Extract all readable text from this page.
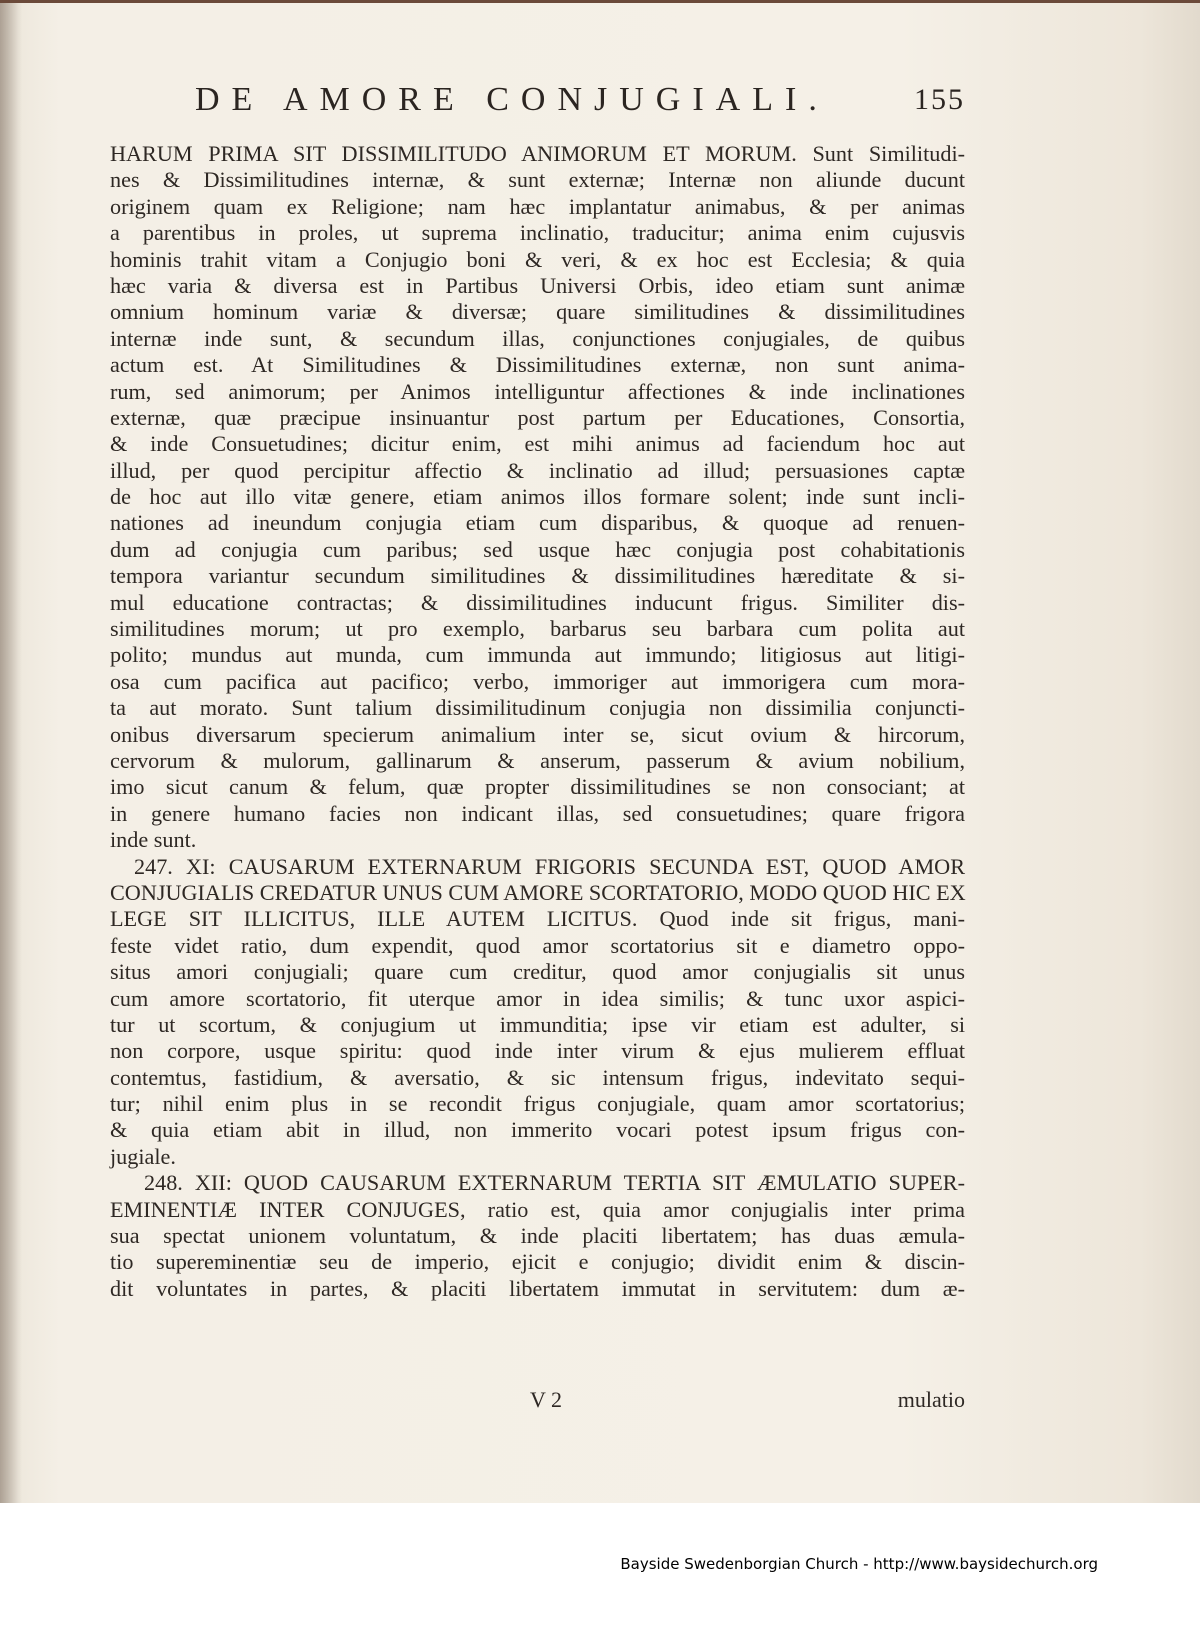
DE AMORE CONJUGIALI.	155
HARUM PRIMA SIT DISSIMILITUDO ANIMORUM ET MORUM. Sunt Similitudi-
nes & Dissimilitudines internæ, & sunt externæ; Internæ non aliunde ducunt
originem quam ex Religione; nam hæc implantatur animabus, & per animas
a parentibus in proles, ut suprema inclinatio, traducitur; anima enim cujusvis
hominis trahit vitam a Conjugio boni & veri, & ex hoc est Ecclesia; & quia
hæc varia & diversa est in Partibus Universi Orbis, ideo etiam sunt animæ
omnium hominum variæ & diversæ; quare similitudines & dissimilitudines
internæ inde sunt, & secundum illas, conjunctiones conjugiales, de quibus
actum est. At Similitudines & Dissimilitudines externæ, non sunt anima-
rum, sed animorum; per Animos intelliguntur affectiones & inde inclinationes
externæ, quæ præcipue insinuantur post partum per Educationes, Consortia,
& inde Consuetudines; dicitur enim, est mihi animus ad faciendum hoc aut
illud, per quod percipitur affectio & inclinatio ad illud; persuasiones captæ
de hoc aut illo vitæ genere, etiam animos illos formare solent; inde sunt incli-
nationes ad ineundum conjugia etiam cum disparibus, & quoque ad renuen-
dum ad conjugia cum paribus; sed usque hæc conjugia post cohabitationis
tempora variantur secundum similitudines & dissimilitudines hæreditate & si-
mul educatione contractas; & dissimilitudines inducunt frigus. Similiter dis-
similitudines morum; ut pro exemplo, barbarus seu barbara cum polita aut
polito; mundus aut munda, cum immunda aut immundo; litigiosus aut litigi-
osa cum pacifica aut pacifico; verbo, immoriger aut immorigera cum mora-
ta aut morato. Sunt talium dissimilitudinum conjugia non dissimilia conjuncti-
onibus diversarum specierum animalium inter se, sicut ovium & hircorum,
cervorum & mulorum, gallinarum & anserum, passerum & avium nobilium,
imo sicut canum & felum, quæ propter dissimilitudines se non consociant; at
in genere humano facies non indicant illas, sed consuetudines; quare frigora
inde sunt.
247. XI: CAUSARUM EXTERNARUM FRIGORIS SECUNDA EST, QUOD AMOR
CONJUGIALIS CREDATUR UNUS CUM AMORE SCORTATORIO, MODO QUOD HIC EX
LEGE SIT ILLICITUS, ILLE AUTEM LICITUS. Quod inde sit frigus, mani-
feste videt ratio, dum expendit, quod amor scortatorius sit e diametro oppo-
situs amori conjugiali; quare cum creditur, quod amor conjugialis sit unus
cum amore scortatorio, fit uterque amor in idea similis; & tunc uxor aspici-
tur ut scortum, & conjugium ut immunditia; ipse vir etiam est adulter, si
non corpore, usque spiritu: quod inde inter virum & ejus mulierem effluat
contemtus, fastidium, & aversatio, & sic intensum frigus, indevitato sequi-
tur; nihil enim plus in se recondit frigus conjugiale, quam amor scortatorius;
& quia etiam abit in illud, non immerito vocari potest ipsum frigus con-
jugiale.
248. XII: QUOD CAUSARUM EXTERNARUM TERTIA SIT ÆMULATIO SUPER-
EMINENTIÆ INTER CONJUGES, ratio est, quia amor conjugialis inter prima
sua spectat unionem voluntatum, & inde placiti libertatem; has duas æmula-
tio supereminentiæ seu de imperio, ejicit e conjugio; dividit enim & discin-
dit voluntates in partes, & placiti libertatem immutat in servitutem: dum æ-
V 2	mulatio
Bayside Swedenborgian Church - http://www.baysidechurch.org
